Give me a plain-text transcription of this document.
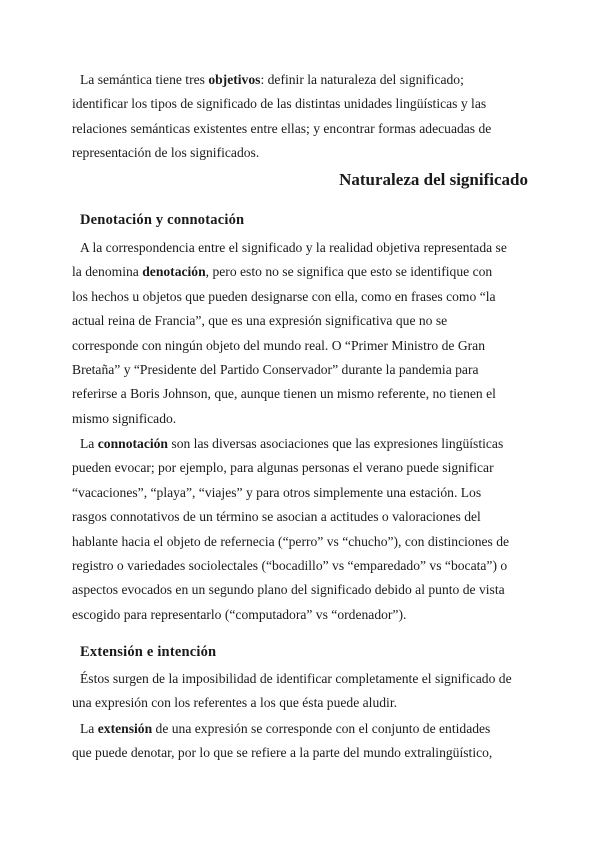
La semántica tiene tres objetivos: definir la naturaleza del significado;
identificar los tipos de significado de las distintas unidades lingüísticas y las
relaciones semánticas existentes entre ellas; y encontrar formas adecuadas de
representación de los significados.
Naturaleza del significado
Denotación y connotación
A la correspondencia entre el significado y la realidad objetiva representada se
la denomina denotación, pero esto no se significa que esto se identifique con
los hechos u objetos que pueden designarse con ella, como en frases como “la
actual reina de Francia”, que es una expresión significativa que no se
corresponde con ningún objeto del mundo real. O “Primer Ministro de Gran
Bretaña” y “Presidente del Partido Conservador” durante la pandemia para
referirse a Boris Johnson, que, aunque tienen un mismo referente, no tienen el
mismo significado.
La connotación son las diversas asociaciones que las expresiones lingüísticas
pueden evocar; por ejemplo, para algunas personas el verano puede significar
“vacaciones”, “playa”, “viajes” y para otros simplemente una estación. Los
rasgos connotativos de un término se asocian a actitudes o valoraciones del
hablante hacia el objeto de refernecia (“perro” vs “chucho”), con distinciones de
registro o variedades sociolectales (“bocadillo” vs “emparedado” vs “bocata”) o
aspectos evocados en un segundo plano del significado debido al punto de vista
escogido para representarlo (“computadora” vs “ordenador”).
Extensión e intención
Éstos surgen de la imposibilidad de identificar completamente el significado de
una expresión con los referentes a los que ésta puede aludir.
La extensión de una expresión se corresponde con el conjunto de entidades
que puede denotar, por lo que se refiere a la parte del mundo extralingüístico,
